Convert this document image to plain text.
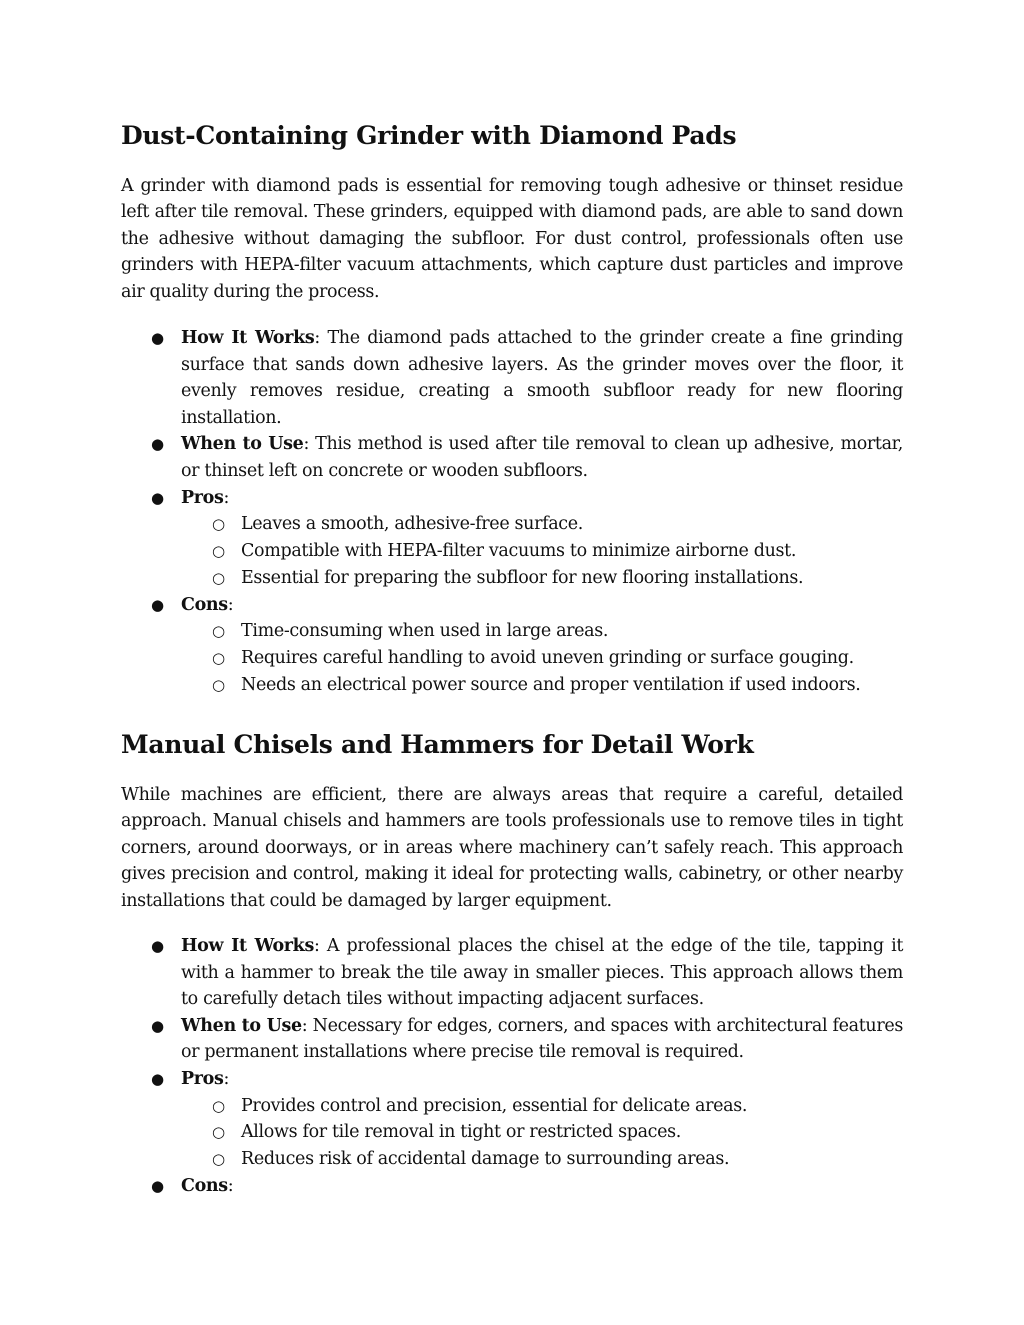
Dust-Containing Grinder with Diamond Pads

A grinder with diamond pads is essential for removing tough adhesive or thinset residue left after tile removal. These grinders, equipped with diamond pads, are able to sand down the adhesive without damaging the subfloor. For dust control, professionals often use grinders with HEPA-filter vacuum attachments, which capture dust particles and improve air quality during the process.

● How It Works: The diamond pads attached to the grinder create a fine grinding surface that sands down adhesive layers. As the grinder moves over the floor, it evenly removes residue, creating a smooth subfloor ready for new flooring installation.
● When to Use: This method is used after tile removal to clean up adhesive, mortar, or thinset left on concrete or wooden subfloors.
● Pros:
○ Leaves a smooth, adhesive-free surface.
○ Compatible with HEPA-filter vacuums to minimize airborne dust.
○ Essential for preparing the subfloor for new flooring installations.
● Cons:
○ Time-consuming when used in large areas.
○ Requires careful handling to avoid uneven grinding or surface gouging.
○ Needs an electrical power source and proper ventilation if used indoors.
Manual Chisels and Hammers for Detail Work

While machines are efficient, there are always areas that require a careful, detailed approach. Manual chisels and hammers are tools professionals use to remove tiles in tight corners, around doorways, or in areas where machinery can’t safely reach. This approach gives precision and control, making it ideal for protecting walls, cabinetry, or other nearby installations that could be damaged by larger equipment.

● How It Works: A professional places the chisel at the edge of the tile, tapping it with a hammer to break the tile away in smaller pieces. This approach allows them to carefully detach tiles without impacting adjacent surfaces.
● When to Use: Necessary for edges, corners, and spaces with architectural features or permanent installations where precise tile removal is required.
● Pros:
○ Provides control and precision, essential for delicate areas.
○ Allows for tile removal in tight or restricted spaces.
○ Reduces risk of accidental damage to surrounding areas.
● Cons:
